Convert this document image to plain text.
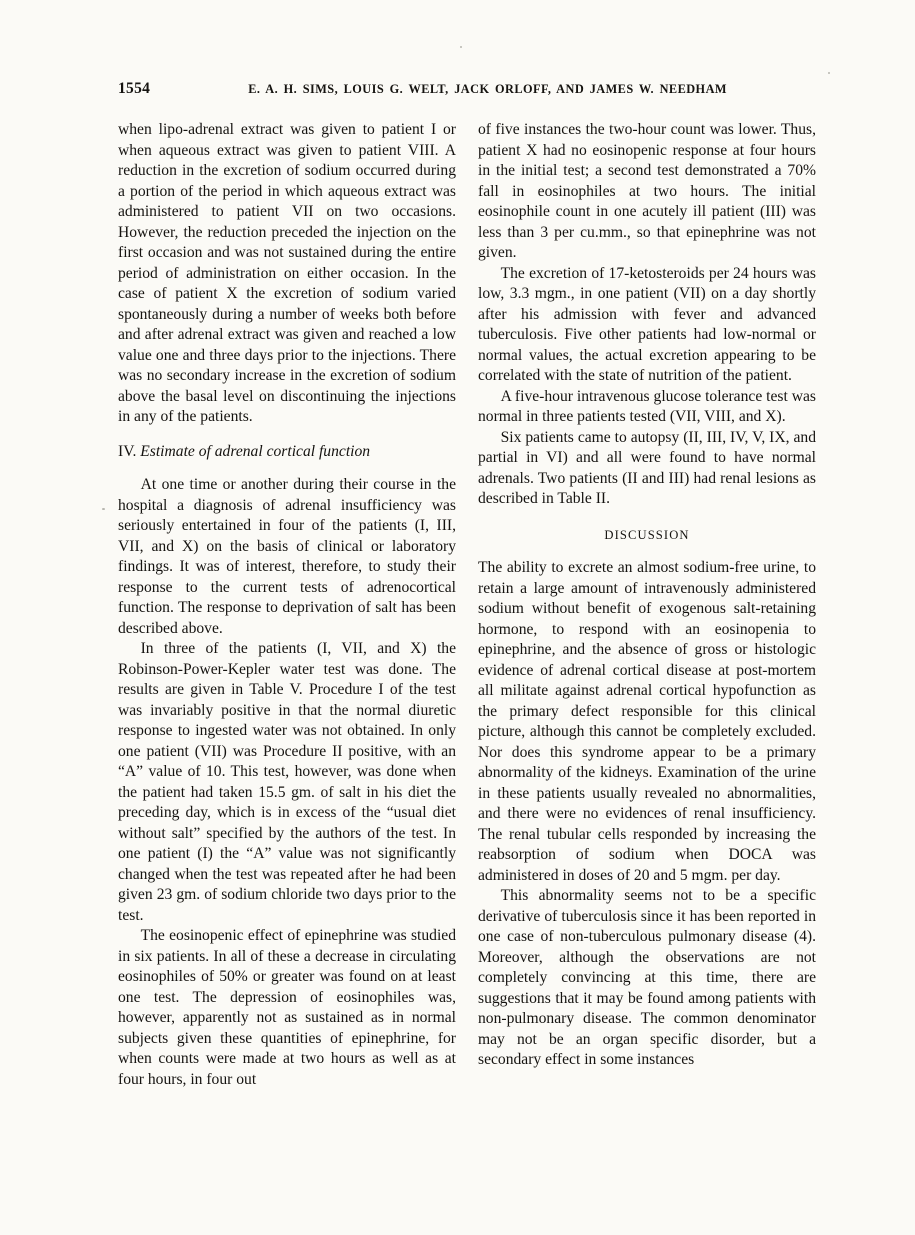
1554	E. A. H. SIMS, LOUIS G. WELT, JACK ORLOFF, AND JAMES W. NEEDHAM

when lipo-adrenal extract was given to patient I or when aqueous extract was given to patient VIII. A reduction in the excretion of sodium occurred during a portion of the period in which aqueous extract was administered to patient VII on two occasions. However, the reduction preceded the injection on the first occasion and was not sustained during the entire period of administration on either occasion. In the case of patient X the excretion of sodium varied spontaneously during a number of weeks both before and after adrenal extract was given and reached a low value one and three days prior to the injections. There was no secondary increase in the excretion of sodium above the basal level on discontinuing the injections in any of the patients.

IV. Estimate of adrenal cortical function

At one time or another during their course in the hospital a diagnosis of adrenal insufficiency was seriously entertained in four of the patients (I, III, VII, and X) on the basis of clinical or laboratory findings. It was of interest, therefore, to study their response to the current tests of adrenocortical function. The response to deprivation of salt has been described above.

In three of the patients (I, VII, and X) the Robinson-Power-Kepler water test was done. The results are given in Table V. Procedure I of the test was invariably positive in that the normal diuretic response to ingested water was not obtained. In only one patient (VII) was Procedure II positive, with an “A” value of 10. This test, however, was done when the patient had taken 15.5 gm. of salt in his diet the preceding day, which is in excess of the “usual diet without salt” specified by the authors of the test. In one patient (I) the “A” value was not significantly changed when the test was repeated after he had been given 23 gm. of sodium chloride two days prior to the test.

The eosinopenic effect of epinephrine was studied in six patients. In all of these a decrease in circulating eosinophiles of 50% or greater was found on at least one test. The depression of eosinophiles was, however, apparently not as sustained as in normal subjects given these quantities of epinephrine, for when counts were made at two hours as well as at four hours, in four out

of five instances the two-hour count was lower. Thus, patient X had no eosinopenic response at four hours in the initial test; a second test demonstrated a 70% fall in eosinophiles at two hours. The initial eosinophile count in one acutely ill patient (III) was less than 3 per cu.mm., so that epinephrine was not given.

The excretion of 17-ketosteroids per 24 hours was low, 3.3 mgm., in one patient (VII) on a day shortly after his admission with fever and advanced tuberculosis. Five other patients had low-normal or normal values, the actual excretion appearing to be correlated with the state of nutrition of the patient.

A five-hour intravenous glucose tolerance test was normal in three patients tested (VII, VIII, and X).

Six patients came to autopsy (II, III, IV, V, IX, and partial in VI) and all were found to have normal adrenals. Two patients (II and III) had renal lesions as described in Table II.

DISCUSSION

The ability to excrete an almost sodium-free urine, to retain a large amount of intravenously administered sodium without benefit of exogenous salt-retaining hormone, to respond with an eosinopenia to epinephrine, and the absence of gross or histologic evidence of adrenal cortical disease at post-mortem all militate against adrenal cortical hypofunction as the primary defect responsible for this clinical picture, although this cannot be completely excluded. Nor does this syndrome appear to be a primary abnormality of the kidneys. Examination of the urine in these patients usually revealed no abnormalities, and there were no evidences of renal insufficiency. The renal tubular cells responded by increasing the reabsorption of sodium when DOCA was administered in doses of 20 and 5 mgm. per day.

This abnormality seems not to be a specific derivative of tuberculosis since it has been reported in one case of non-tuberculous pulmonary disease (4). Moreover, although the observations are not completely convincing at this time, there are suggestions that it may be found among patients with non-pulmonary disease. The common denominator may not be an organ specific disorder, but a secondary effect in some instances
